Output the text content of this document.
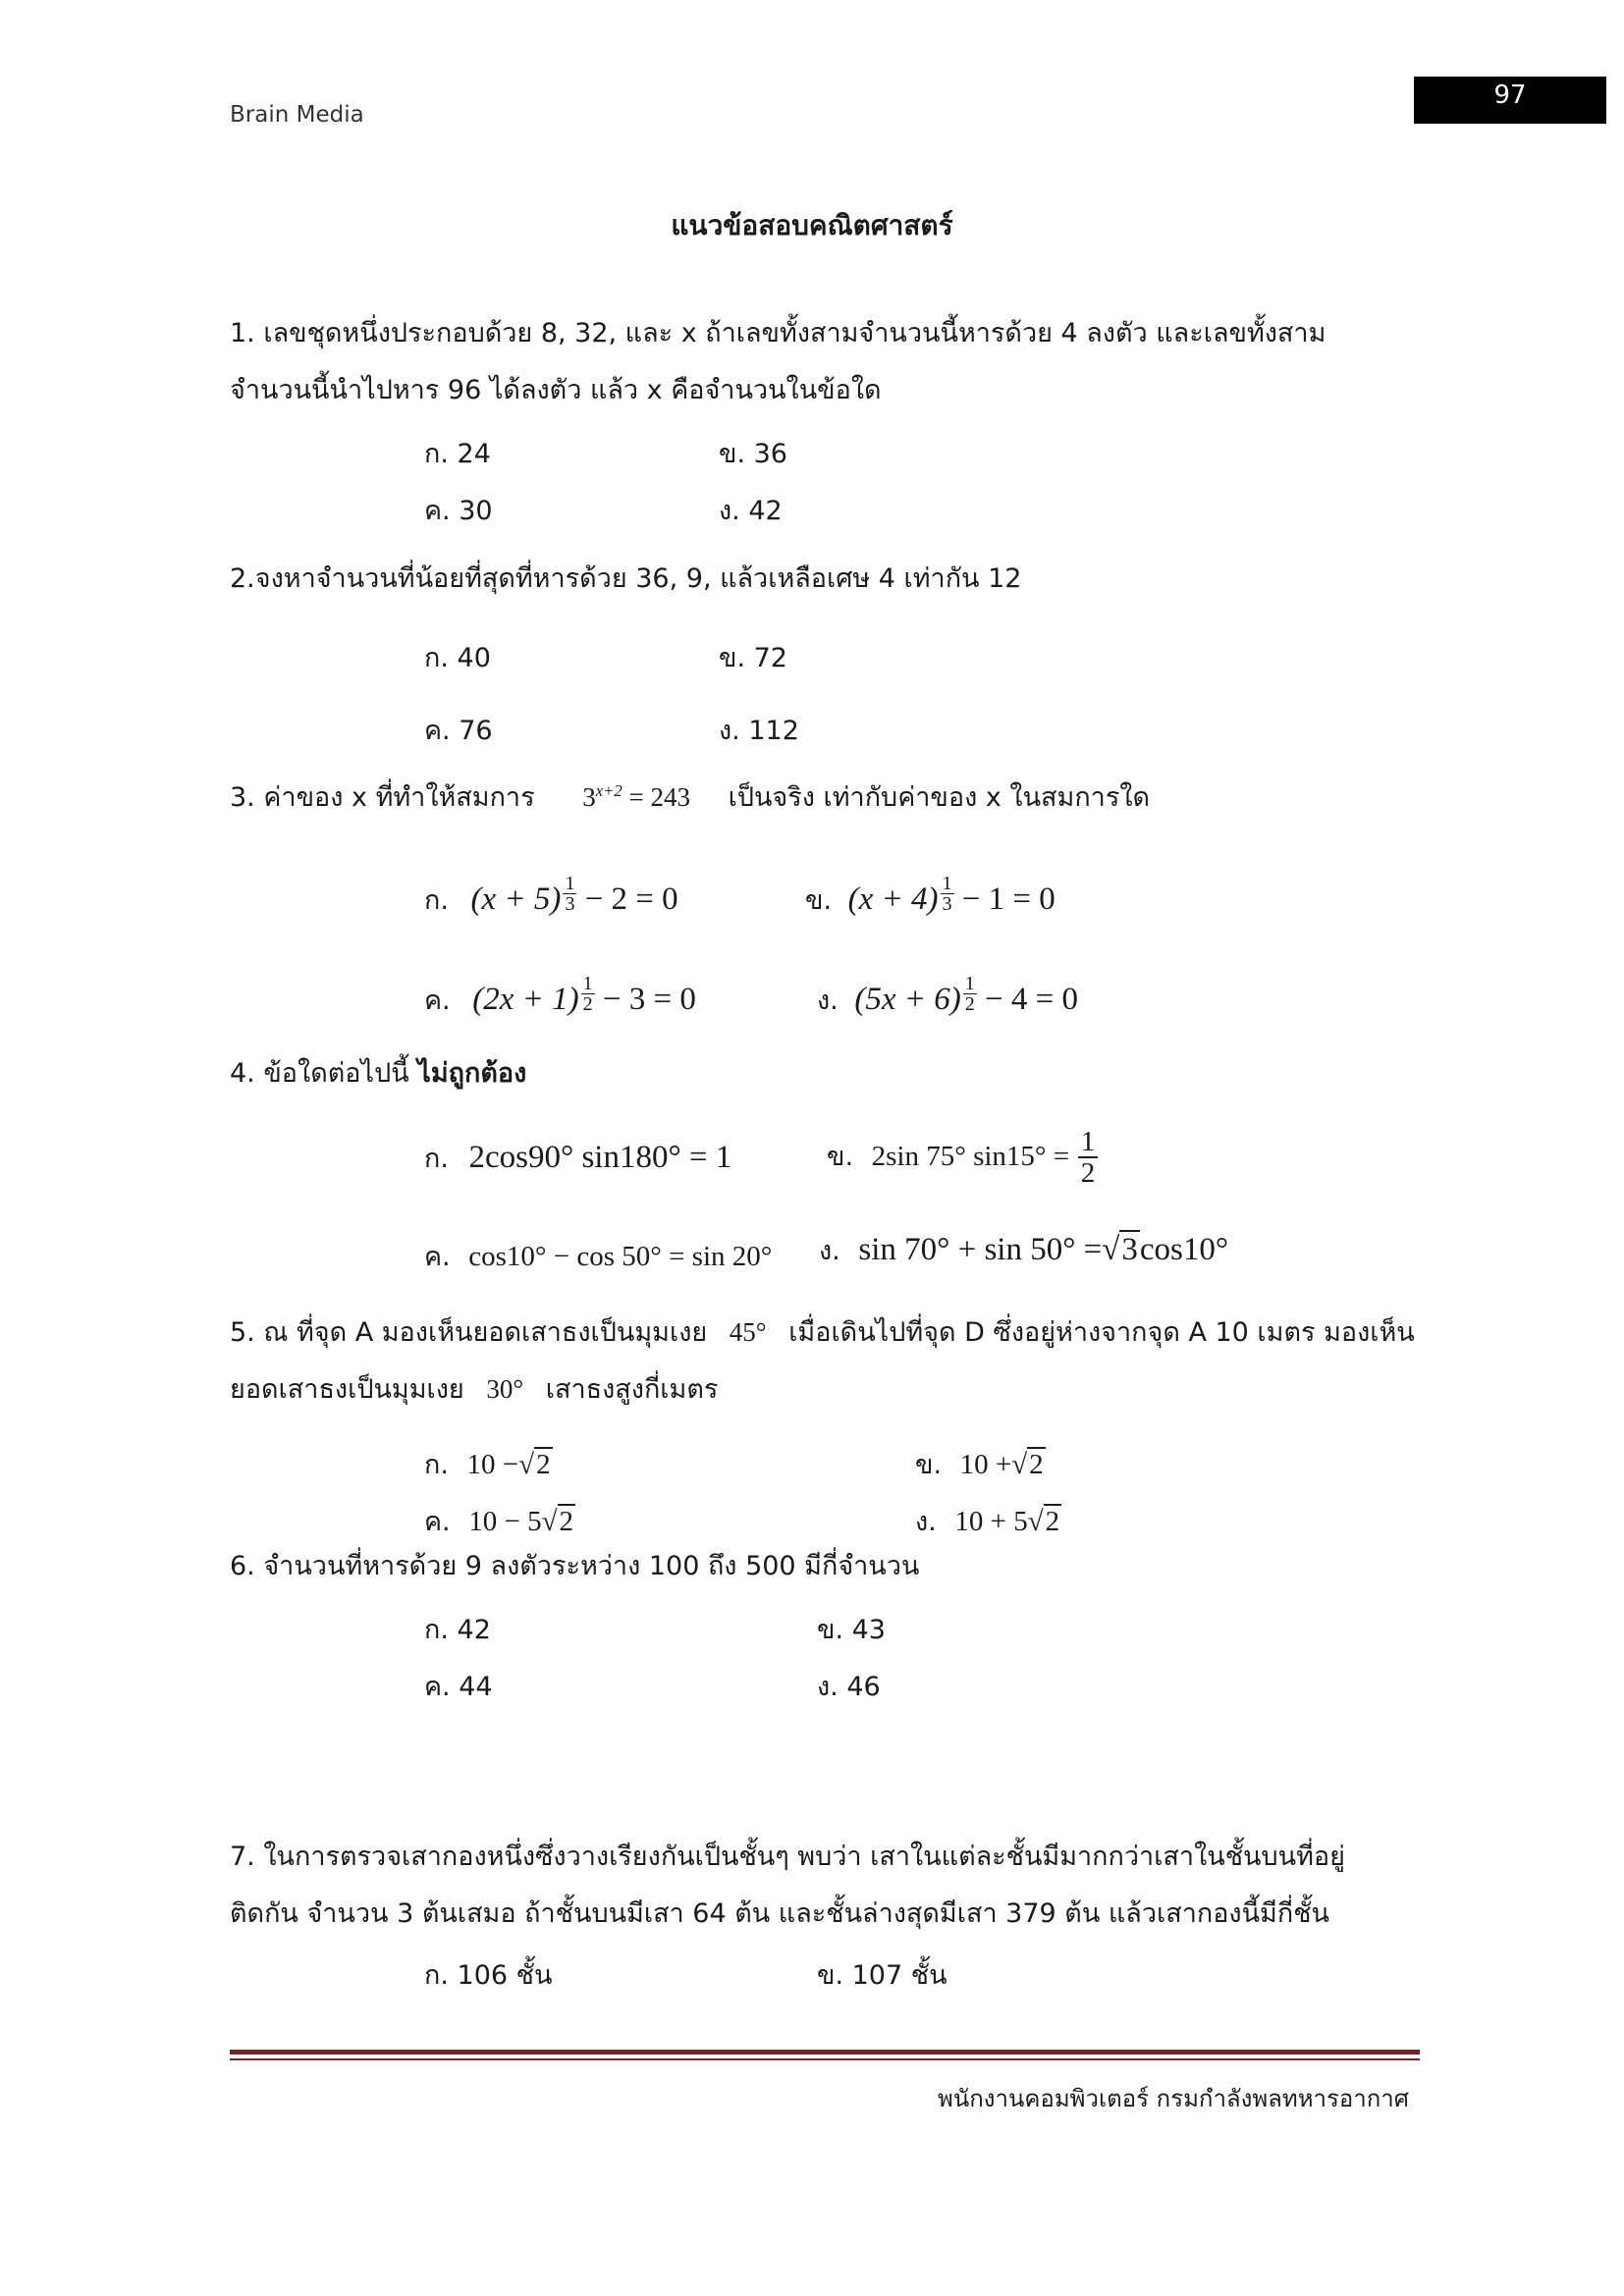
Brain Media
97
แนวข้อสอบคณิตศาสตร์
1. เลขชุดหนึ่งประกอบด้วย 8, 32, และ x ถ้าเลขทั้งสามจำนวนนี้หารด้วย 4 ลงตัว และเลขทั้งสาม
จำนวนนี้นำไปหาร 96 ได้ลงตัว แล้ว x คือจำนวนในข้อใด
ก. 24	ข. 36
ค. 30	ง. 42
2.จงหาจำนวนที่น้อยที่สุดที่หารด้วย 36, 9, แล้วเหลือเศษ 4 เท่ากัน 12
ก. 40	ข. 72
ค. 76	ง. 112
3. ค่าของ x ที่ทำให้สมการ $3^{x+2} = 243$ เป็นจริง เท่ากับค่าของ x ในสมการใด
ก. $(x + 5) \frac{1}{3} - 2 = 0$	ข. $(x + 4) \frac{1}{3} - 1 = 0$
ค. $(2x + 1) \frac{1}{2} - 3 = 0$	ง. $(5x + 6) \frac{1}{2} - 4 = 0$
4. ข้อใดต่อไปนี้ ไม่ถูกต้อง
ก. 2cos90° sin180° = 1	ข. 2sin 75° $\sin 15^\circ = \frac{1}{2}$
ค. cos10° − cos 50° = sin 20° ง. sin 70° + sin 50° =√3cos10°
5. ณ ที่จุด A มองเห็นยอดเสาธงเป็นมุมเงย 45° เมื่อเดินไปที่จุด D ซึ่งอยู่ห่างจากจุด A 10 เมตร มองเห็น
ยอดเสาธงเป็นมุมเงย 30° เสาธงสูงกี่เมตร
ก. 10 −√2	ข. 10 +√2
ค. 10 − 5√2	ง. 10 + 5√2
6. จำนวนที่หารด้วย 9 ลงตัวระหว่าง 100 ถึง 500 มีกี่จำนวน
ก. 42	ข. 43
ค. 44	ง. 46
7. ในการตรวจเสากองหนึ่งซึ่งวางเรียงกันเป็นชั้นๆ พบว่า เสาในแต่ละชั้นมีมากกว่าเสาในชั้นบนที่อยู่
ติดกัน จำนวน 3 ต้นเสมอ ถ้าชั้นบนมีเสา 64 ต้น และชั้นล่างสุดมีเสา 379 ต้น แล้วเสากองนี้มีกี่ชั้น
ก. 106 ชั้น	ข. 107 ชั้น
พนักงานคอมพิวเตอร์ กรมกำลังพลทหารอากาศ
